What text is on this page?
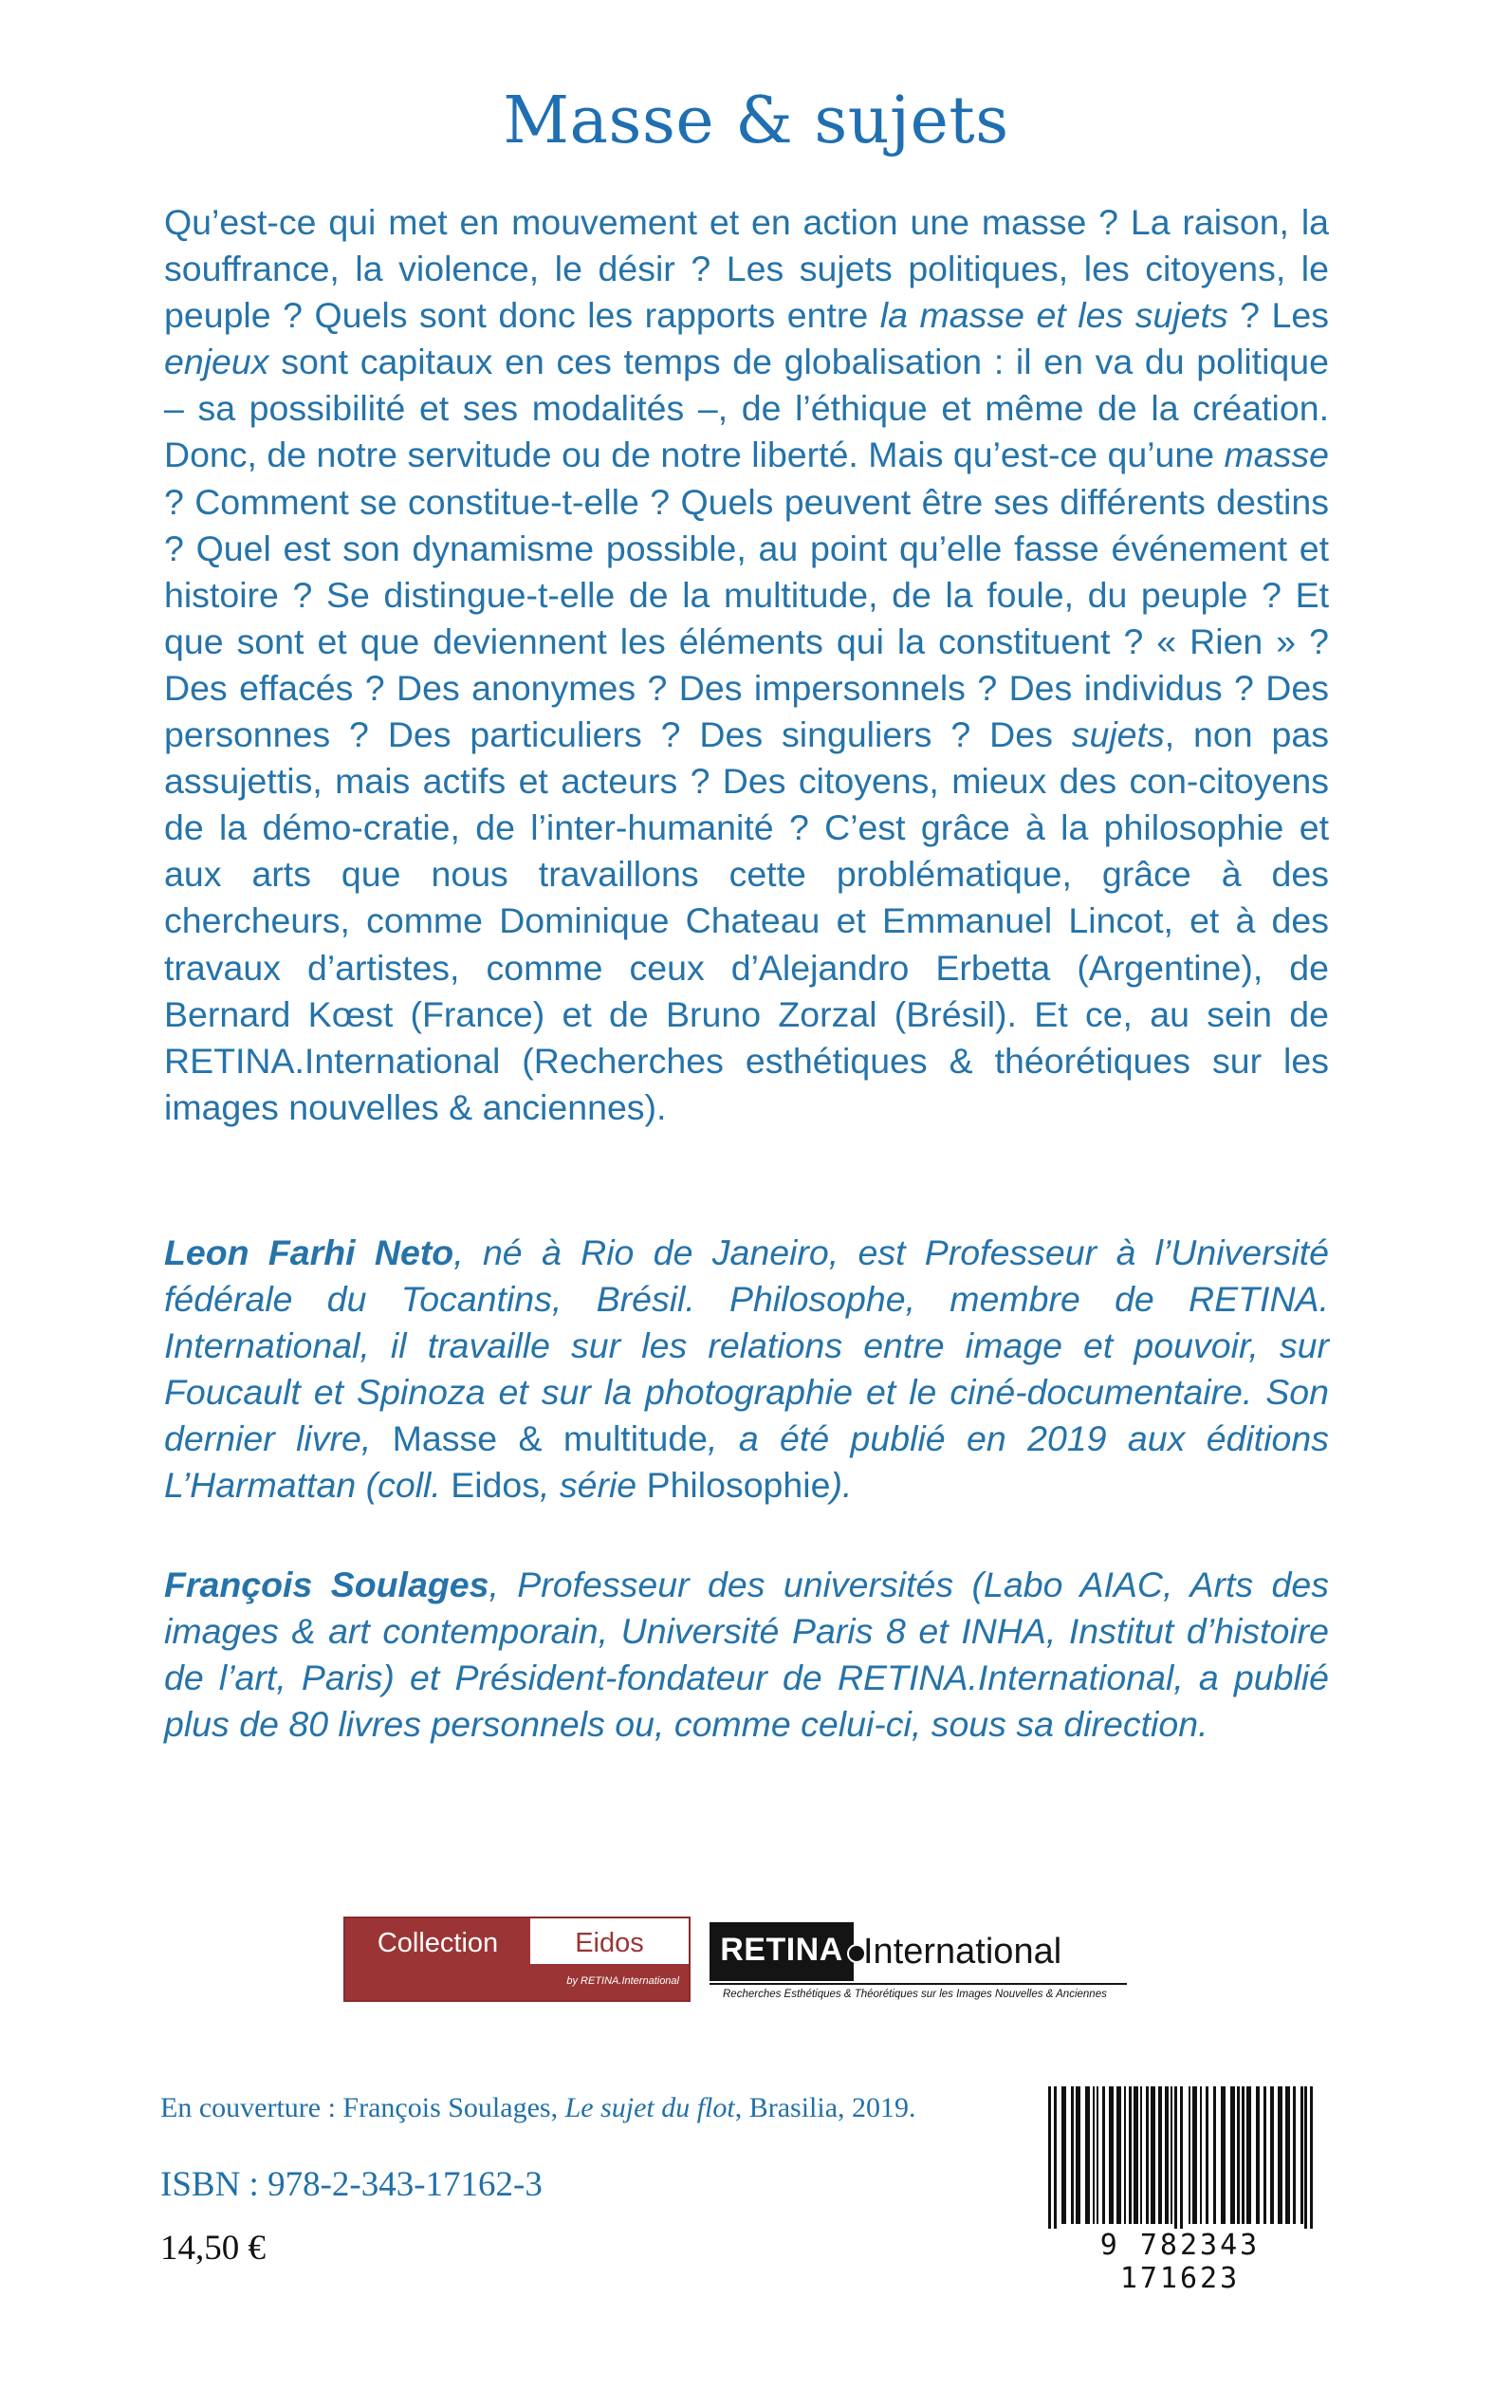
Masse & sujets

Qu’est-ce qui met en mouvement et en action une masse ? La raison, la souffrance, la violence, le désir ? Les sujets politiques, les citoyens, le peuple ? Quels sont donc les rapports entre la masse et les sujets ? Les enjeux sont capitaux en ces temps de globalisation : il en va du politique – sa possibilité et ses modalités –, de l’éthique et même de la création. Donc, de notre servitude ou de notre liberté. Mais qu’est-ce qu’une masse ? Comment se constitue-t-elle ? Quels peuvent être ses différents destins ? Quel est son dynamisme possible, au point qu’elle fasse événement et histoire ? Se distingue-t-elle de la multitude, de la foule, du peuple ? Et que sont et que deviennent les éléments qui la constituent ? « Rien » ? Des effacés ? Des anonymes ? Des impersonnels ? Des individus ? Des personnes ? Des particuliers ? Des singuliers ? Des sujets, non pas assujettis, mais actifs et acteurs ? Des citoyens, mieux des con-citoyens de la démo-cratie, de l’inter-humanité ? C’est grâce à la philosophie et aux arts que nous travaillons cette problématique, grâce à des chercheurs, comme Dominique Chateau et Emmanuel Lincot, et à des travaux d’artistes, comme ceux d’Alejandro Erbetta (Argentine), de Bernard Kœst (France) et de Bruno Zorzal (Brésil). Et ce, au sein de RETINA.International (Recherches esthétiques & théorétiques sur les images nouvelles & anciennes).

Leon Farhi Neto, né à Rio de Janeiro, est Professeur à l’Université fédérale du Tocantins, Brésil. Philosophe, membre de RETINA. International, il travaille sur les relations entre image et pouvoir, sur Foucault et Spinoza et sur la photographie et le ciné-documentaire. Son dernier livre, Masse & multitude, a été publié en 2019 aux éditions L’Harmattan (coll. Eidos, série Philosophie).

François Soulages, Professeur des universités (Labo AIAC, Arts des images & art contemporain, Université Paris 8 et INHA, Institut d’histoire de l’art, Paris) et Président-fondateur de RETINA.International, a publié plus de 80 livres personnels ou, comme celui-ci, sous sa direction.

Collection	Eidos
by RETINA.International
RETINA International
Recherches Esthétiques & Théorétiques sur les Images Nouvelles & Anciennes
En couverture : François Soulages, Le sujet du flot, Brasilia, 2019.
ISBN : 978-2-343-17162-3
14,50 €	9 782343 171623
